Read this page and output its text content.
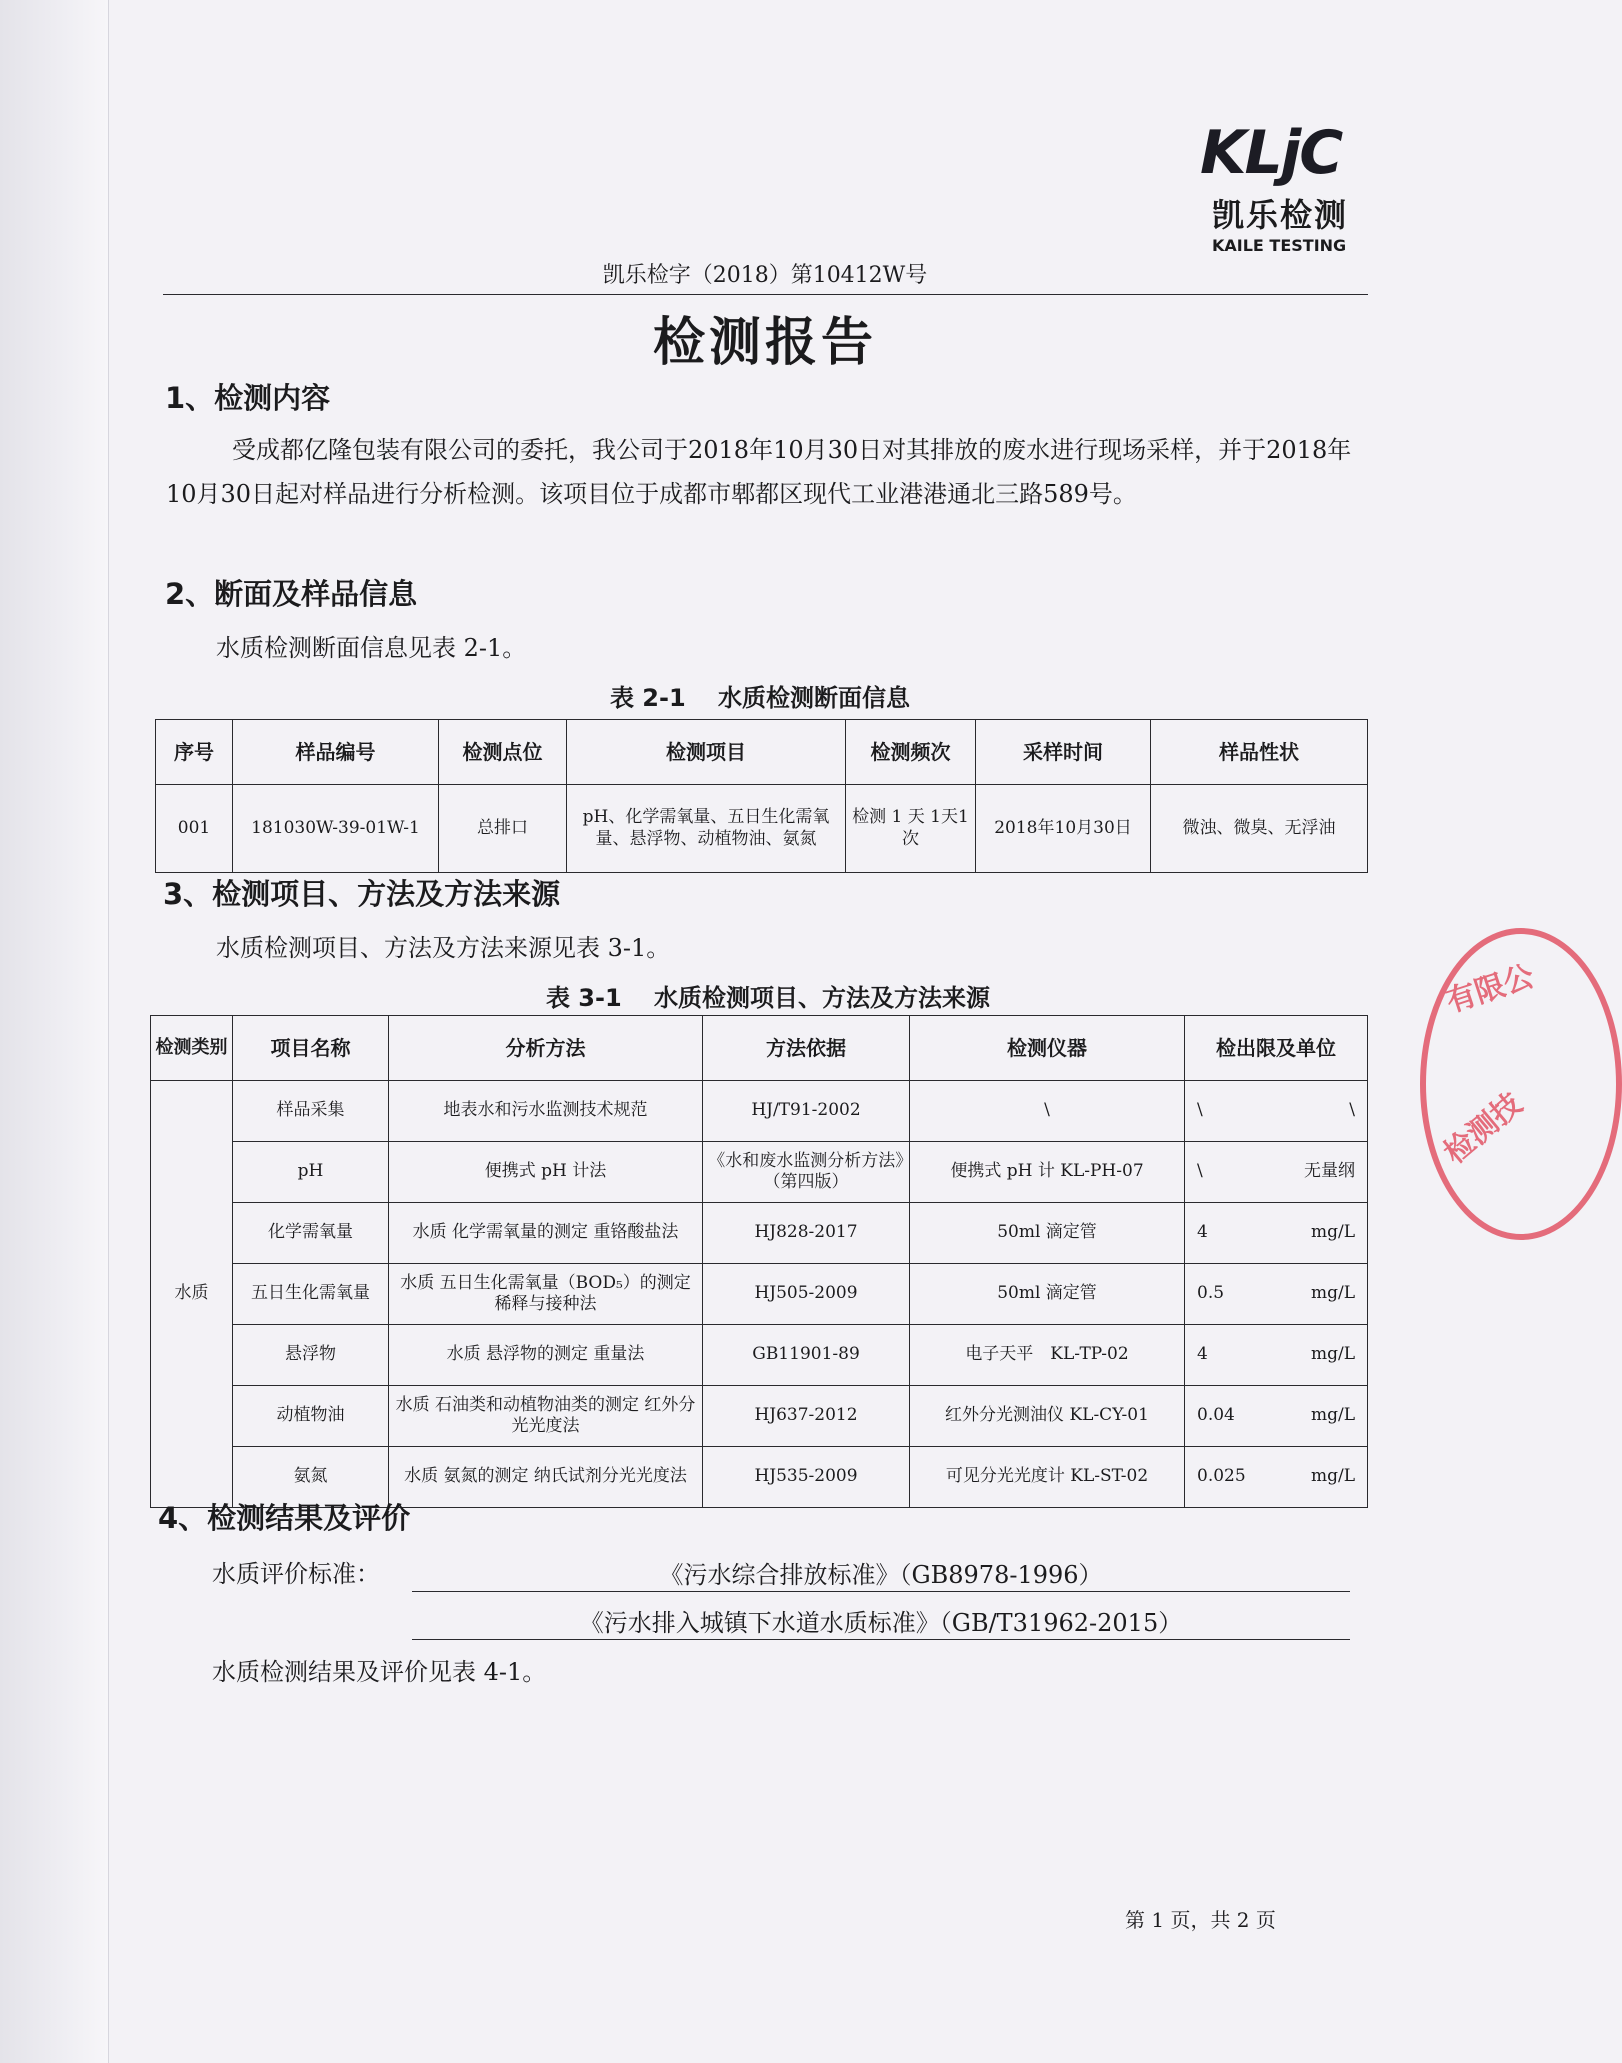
KLjC
凯乐检测
KAILE TESTING
凯乐检字（2018）第10412W号
检测报告
1、检测内容
受成都亿隆包装有限公司的委托，我公司于2018年10月30日对其排放的废水进行现场采样，并于2018年10月30日起对样品进行分析检测。该项目位于成都市郫都区现代工业港港通北三路589号。
2、断面及样品信息
水质检测断面信息见表 2-1。
表 2-1　 水质检测断面信息
序号	样品编号	检测点位	检测项目	检测频次	采样时间	样品性状
001	181030W-39-01W-1	总排口	pH、化学需氧量、五日生化需氧量、悬浮物、动植物油、氨氮	检测 1 天 1天1次	2018年10月30日	微浊、微臭、无浮油
3、检测项目、方法及方法来源
水质检测项目、方法及方法来源见表 3-1。
表 3-1　 水质检测项目、方法及方法来源
检测类别	项目名称	分析方法	方法依据	检测仪器	检出限及单位
水质	样品采集	地表水和污水监测技术规范	HJ/T91-2002	\	\ \

	pH	便携式 pH 计法	《水和废水监测分析方法》（第四版）	便携式 pH 计 KL-PH-07	\ 无量纲

	化学需氧量	水质 化学需氧量的测定 重铬酸盐法	HJ828-2017	50ml 滴定管	4 mg/L

	五日生化需氧量	水质 五日生化需氧量（BOD₅）的测定 稀释与接种法	HJ505-2009	50ml 滴定管	0.5 mg/L

	悬浮物	水质 悬浮物的测定 重量法	GB11901-89	电子天平　KL-TP-02	4 mg/L

	动植物油	水质 石油类和动植物油类的测定 红外分光光度法	HJ637-2012	红外分光测油仪 KL-CY-01	0.04 mg/L

	氨氮	水质 氨氮的测定 纳氏试剂分光光度法	HJ535-2009	可见分光光度计 KL-ST-02	0.025 mg/L
4、检测结果及评价
水质评价标准：	《污水综合排放标准》（GB8978-1996）
《污水排入城镇下水道水质标准》（GB/T31962-2015）
水质检测结果及评价见表 4-1。
有限公
检测技
第 1 页，共 2 页
